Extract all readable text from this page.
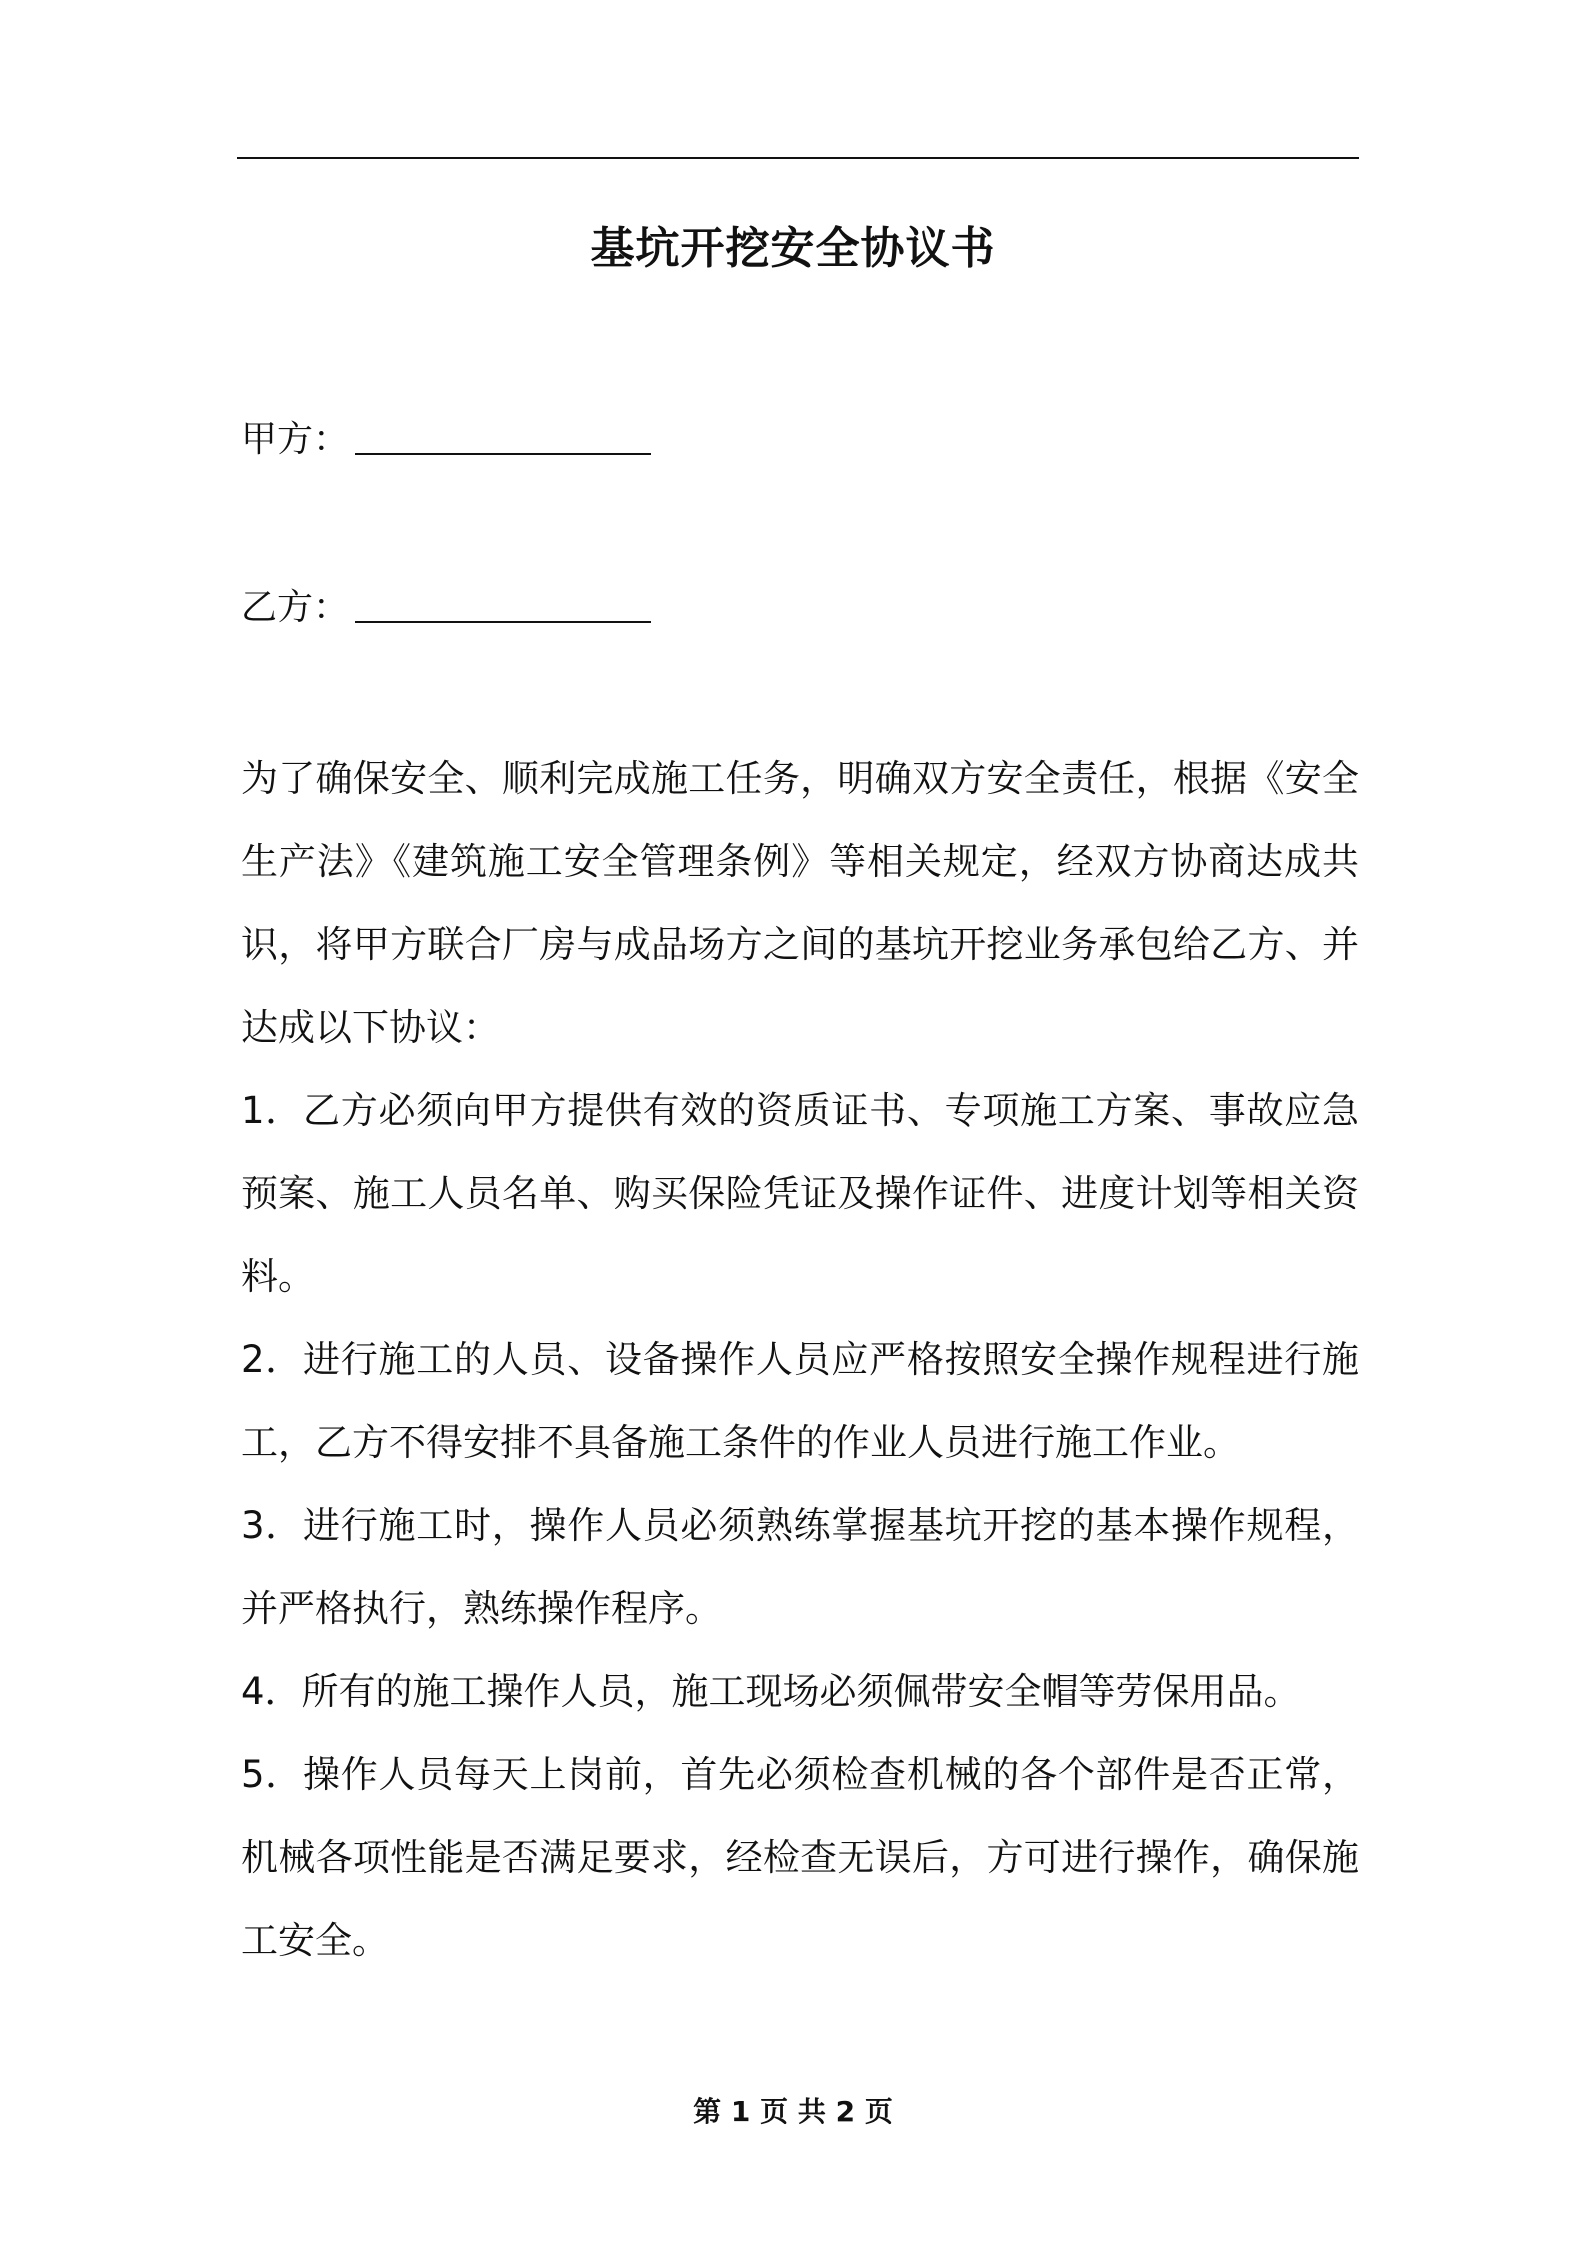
基坑开挖安全协议书
甲方：
乙方：

为了确保安全、顺利完成施工任务，明确双方安全责任，根据《安全生产法》《建筑施工安全管理条例》等相关规定，经双方协商达成共识，将甲方联合厂房与成品场方之间的基坑开挖业务承包给乙方、并达成以下协议：

1．乙方必须向甲方提供有效的资质证书、专项施工方案、事故应急预案、施工人员名单、购买保险凭证及操作证件、进度计划等相关资料。

2．进行施工的人员、设备操作人员应严格按照安全操作规程进行施工，乙方不得安排不具备施工条件的作业人员进行施工作业。

3．进行施工时，操作人员必须熟练掌握基坑开挖的基本操作规程，并严格执行，熟练操作程序。

4．所有的施工操作人员，施工现场必须佩带安全帽等劳保用品。

5．操作人员每天上岗前，首先必须检查机械的各个部件是否正常，机械各项性能是否满足要求，经检查无误后，方可进行操作，确保施工安全。

第 1 页 共 2 页
